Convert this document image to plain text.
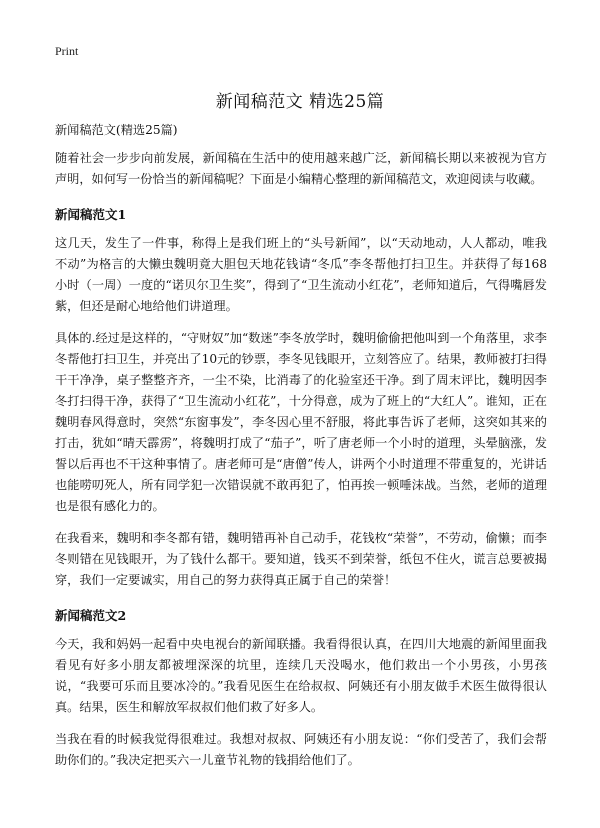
Print
新闻稿范文 精选25篇
新闻稿范文(精选25篇)

随着社会一步步向前发展，新闻稿在生活中的使用越来越广泛，新闻稿长期以来被视为官方声明，如何写一份恰当的新闻稿呢？下面是小编精心整理的新闻稿范文，欢迎阅读与收藏。

新闻稿范文1

这几天，发生了一件事，称得上是我们班上的“头号新闻”，以“天动地动，人人都动，唯我不动”为格言的大懒虫魏明竟大胆包天地花钱请“冬瓜”李冬帮他打扫卫生。并获得了每168小时（一周）一度的“诺贝尔卫生奖”，得到了“卫生流动小红花”，老师知道后，气得嘴唇发紫，但还是耐心地给他们讲道理。

具体的.经过是这样的，“守财奴”加“数迷”李冬放学时，魏明偷偷把他叫到一个角落里，求李冬帮他打扫卫生，并亮出了10元的钞票，李冬见钱眼开，立刻答应了。结果，教师被打扫得干干净净，桌子整整齐齐，一尘不染，比消毒了的化验室还干净。到了周末评比，魏明因李冬打扫得干净，获得了“卫生流动小红花”，十分得意，成为了班上的“大红人”。谁知，正在魏明春风得意时，突然“东窗事发”，李冬因心里不舒服，将此事告诉了老师，这突如其来的打击，犹如“晴天霹雳”，将魏明打成了“茄子”，听了唐老师一个小时的道理，头晕脑涨，发誓以后再也不干这种事情了。唐老师可是“唐僧”传人，讲两个小时道理不带重复的，光讲话也能唠叨死人，所有同学犯一次错误就不敢再犯了，怕再挨一顿唾沫战。当然，老师的道理也是很有感化力的。

在我看来，魏明和李冬都有错，魏明错再补自己动手，花钱枚“荣誉”，不劳动，偷懒；而李冬则错在见钱眼开，为了钱什么都干。要知道，钱买不到荣誉，纸包不住火，谎言总要被揭穿，我们一定要诚实，用自己的努力获得真正属于自己的荣誉！

新闻稿范文2

今天，我和妈妈一起看中央电视台的新闻联播。我看得很认真，在四川大地震的新闻里面我看见有好多小朋友都被埋深深的坑里，连续几天没喝水，他们救出一个小男孩，小男孩说，“我要可乐而且要冰冷的。”我看见医生在给叔叔、阿姨还有小朋友做手术医生做得很认真。结果，医生和解放军叔叔们他们救了好多人。

当我在看的时候我觉得很难过。我想对叔叔、阿姨还有小朋友说：“你们受苦了，我们会帮助你们的。”我决定把买六一儿童节礼物的钱捐给他们了。
